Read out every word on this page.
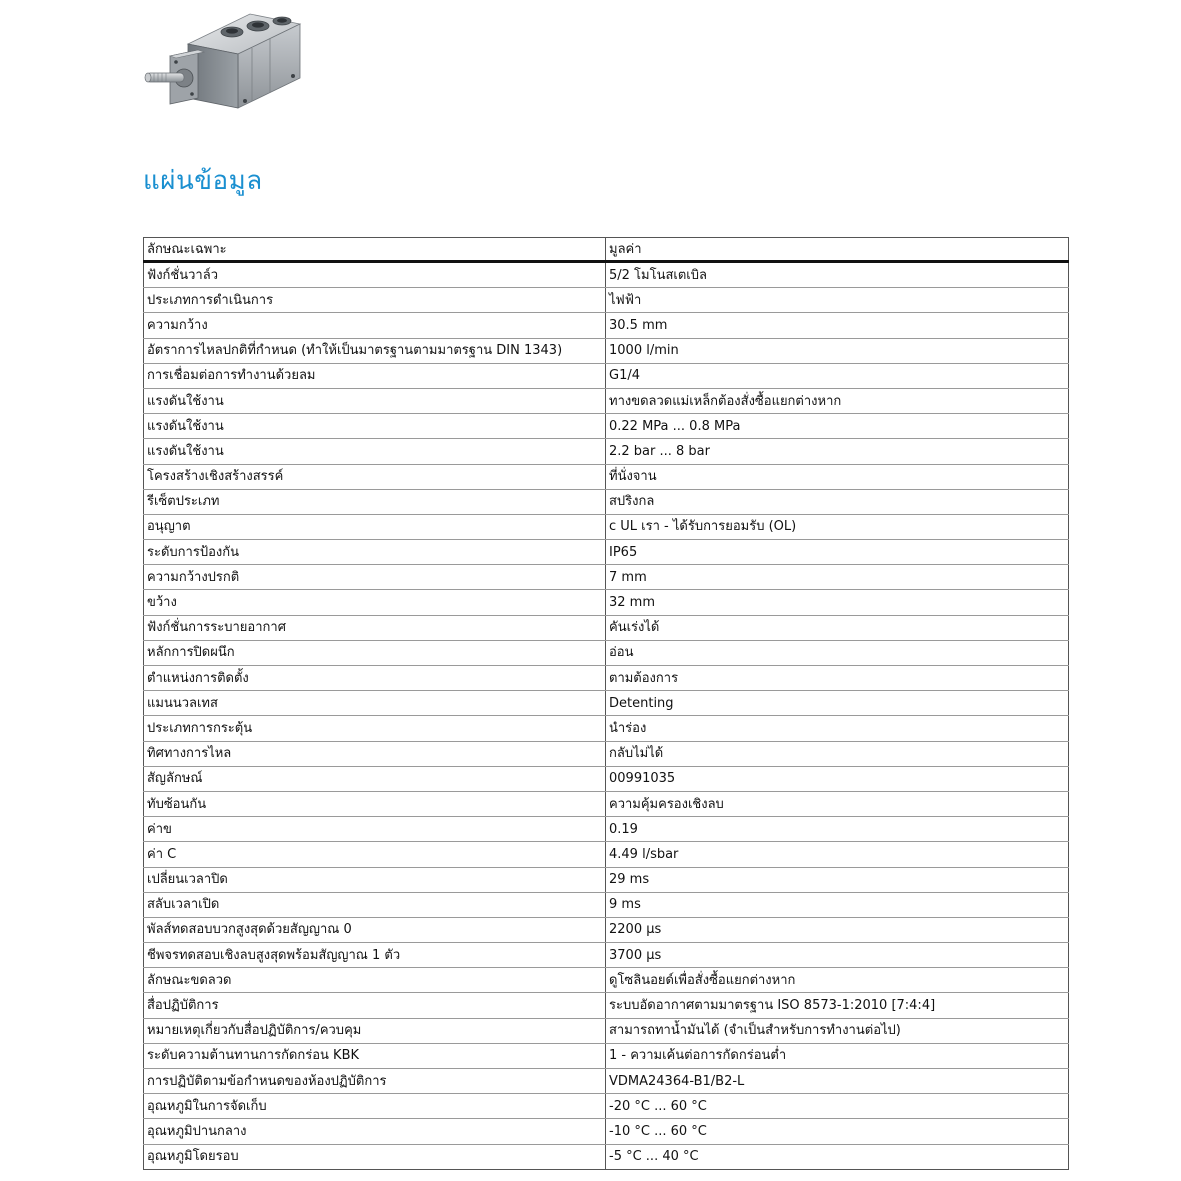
แผ่นข้อมูล
ลักษณะเฉพาะ	มูลค่า
ฟังก์ชั่นวาล์ว	5/2 โมโนสเตเบิล
ประเภทการดำเนินการ	ไฟฟ้า
ความกว้าง	30.5 mm
อัตราการไหลปกติที่กำหนด (ทำให้เป็นมาตรฐานตามมาตรฐาน DIN 1343)	1000 l/min
การเชื่อมต่อการทำงานด้วยลม	G1/4
แรงดันใช้งาน	ทางขดลวดแม่เหล็กต้องสั่งซื้อแยกต่างหาก
แรงดันใช้งาน	0.22 MPa ... 0.8 MPa
แรงดันใช้งาน	2.2 bar ... 8 bar
โครงสร้างเชิงสร้างสรรค์	ที่นั่งจาน
รีเซ็ตประเภท	สปริงกล
อนุญาต	c UL เรา - ได้รับการยอมรับ (OL)
ระดับการป้องกัน	IP65
ความกว้างปรกติ	7 mm
ขว้าง	32 mm
ฟังก์ชั่นการระบายอากาศ	คันเร่งได้
หลักการปิดผนึก	อ่อน
ตำแหน่งการติดตั้ง	ตามต้องการ
แมนนวลเทส	Detenting
ประเภทการกระตุ้น	นำร่อง
ทิศทางการไหล	กลับไม่ได้
สัญลักษณ์	00991035
ทับซ้อนกัน	ความคุ้มครองเชิงลบ
ค่าข	0.19
ค่า C	4.49 l/sbar
เปลี่ยนเวลาปิด	29 ms
สลับเวลาเปิด	9 ms
พัลส์ทดสอบบวกสูงสุดด้วยสัญญาณ 0	2200 µs
ชีพจรทดสอบเชิงลบสูงสุดพร้อมสัญญาณ 1 ตัว	3700 µs
ลักษณะขดลวด	ดูโซลินอยด์เพื่อสั่งซื้อแยกต่างหาก
สื่อปฏิบัติการ	ระบบอัดอากาศตามมาตรฐาน ISO 8573-1:2010 [7:4:4]
หมายเหตุเกี่ยวกับสื่อปฏิบัติการ/ควบคุม	สามารถทาน้ำมันได้ (จำเป็นสำหรับการทำงานต่อไป)
ระดับความต้านทานการกัดกร่อน KBK	1 - ความเค้นต่อการกัดกร่อนต่ำ
การปฏิบัติตามข้อกำหนดของห้องปฏิบัติการ	VDMA24364-B1/B2-L
อุณหภูมิในการจัดเก็บ	-20 °C ... 60 °C
อุณหภูมิปานกลาง	-10 °C ... 60 °C
อุณหภูมิโดยรอบ	-5 °C ... 40 °C
